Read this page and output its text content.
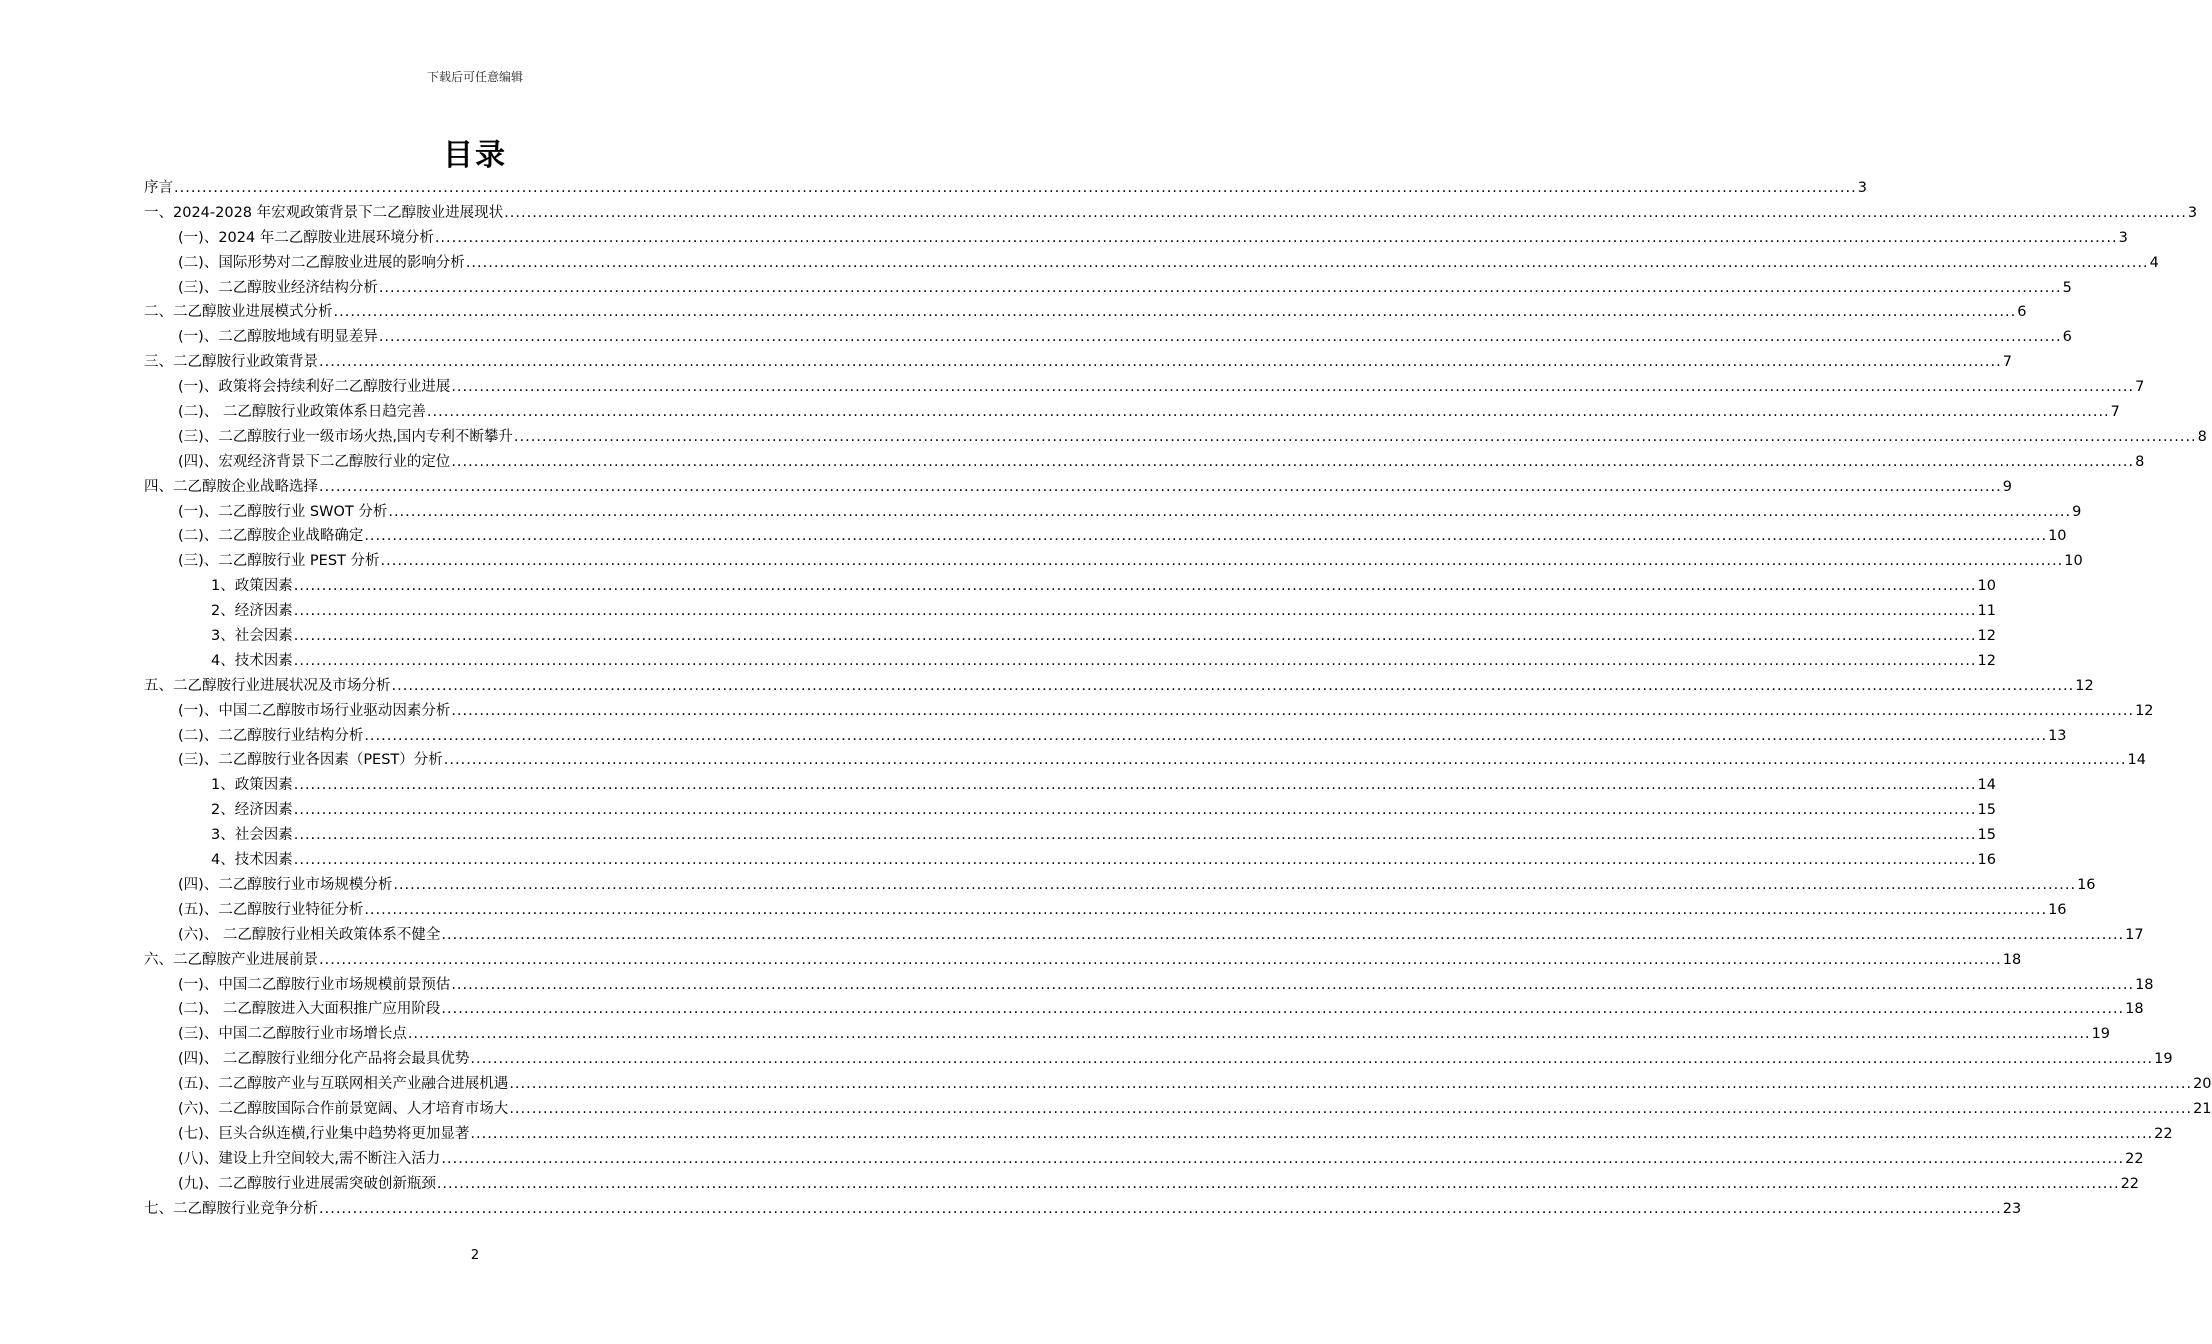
下载后可任意编辑
目录
序言 ............................................................................................................................................................................................................................................................................................................ 3
一、2024-2028 年宏观政策背景下二乙醇胺业进展现状 ............................................................................................................................................................................................................................................................................................................ 3
(一)、2024 年二乙醇胺业进展环境分析 ............................................................................................................................................................................................................................................................................................................ 3
(二)、国际形势对二乙醇胺业进展的影响分析 ............................................................................................................................................................................................................................................................................................................ 4
(三)、二乙醇胺业经济结构分析 ............................................................................................................................................................................................................................................................................................................ 5
二、二乙醇胺业进展模式分析 ............................................................................................................................................................................................................................................................................................................ 6
(一)、二乙醇胺地域有明显差异 ............................................................................................................................................................................................................................................................................................................ 6
三、二乙醇胺行业政策背景 ............................................................................................................................................................................................................................................................................................................ 7
(一)、政策将会持续利好二乙醇胺行业进展 ............................................................................................................................................................................................................................................................................................................ 7
(二)、 二乙醇胺行业政策体系日趋完善 ............................................................................................................................................................................................................................................................................................................ 7
(三)、二乙醇胺行业一级市场火热,国内专利不断攀升 ............................................................................................................................................................................................................................................................................................................ 8
(四)、宏观经济背景下二乙醇胺行业的定位 ............................................................................................................................................................................................................................................................................................................ 8
四、二乙醇胺企业战略选择 ............................................................................................................................................................................................................................................................................................................ 9
(一)、二乙醇胺行业 SWOT 分析 ............................................................................................................................................................................................................................................................................................................ 9
(二)、二乙醇胺企业战略确定 ............................................................................................................................................................................................................................................................................................................ 10
(三)、二乙醇胺行业 PEST 分析 ............................................................................................................................................................................................................................................................................................................ 10
1、政策因素 ............................................................................................................................................................................................................................................................................................................ 10
2、经济因素 ............................................................................................................................................................................................................................................................................................................ 11
3、社会因素 ............................................................................................................................................................................................................................................................................................................ 12
4、技术因素 ............................................................................................................................................................................................................................................................................................................ 12
五、二乙醇胺行业进展状况及市场分析 ............................................................................................................................................................................................................................................................................................................ 12
(一)、中国二乙醇胺市场行业驱动因素分析 ............................................................................................................................................................................................................................................................................................................ 12
(二)、二乙醇胺行业结构分析 ............................................................................................................................................................................................................................................................................................................ 13
(三)、二乙醇胺行业各因素（PEST）分析 ............................................................................................................................................................................................................................................................................................................ 14
1、政策因素 ............................................................................................................................................................................................................................................................................................................ 14
2、经济因素 ............................................................................................................................................................................................................................................................................................................ 15
3、社会因素 ............................................................................................................................................................................................................................................................................................................ 15
4、技术因素 ............................................................................................................................................................................................................................................................................................................ 16
(四)、二乙醇胺行业市场规模分析 ............................................................................................................................................................................................................................................................................................................ 16
(五)、二乙醇胺行业特征分析 ............................................................................................................................................................................................................................................................................................................ 16
(六)、 二乙醇胺行业相关政策体系不健全 ............................................................................................................................................................................................................................................................................................................ 17
六、二乙醇胺产业进展前景 ............................................................................................................................................................................................................................................................................................................ 18
(一)、中国二乙醇胺行业市场规模前景预估 ............................................................................................................................................................................................................................................................................................................ 18
(二)、 二乙醇胺进入大面积推广应用阶段 ............................................................................................................................................................................................................................................................................................................ 18
(三)、中国二乙醇胺行业市场增长点 ............................................................................................................................................................................................................................................................................................................ 19
(四)、 二乙醇胺行业细分化产品将会最具优势 ............................................................................................................................................................................................................................................................................................................ 19
(五)、二乙醇胺产业与互联网相关产业融合进展机遇 ............................................................................................................................................................................................................................................................................................................ 20
(六)、二乙醇胺国际合作前景宽阔、人才培育市场大 ............................................................................................................................................................................................................................................................................................................ 21
(七)、巨头合纵连横,行业集中趋势将更加显著 ............................................................................................................................................................................................................................................................................................................ 22
(八)、建设上升空间较大,需不断注入活力 ............................................................................................................................................................................................................................................................................................................ 22
(九)、二乙醇胺行业进展需突破创新瓶颈 ............................................................................................................................................................................................................................................................................................................ 22
七、二乙醇胺行业竞争分析 ............................................................................................................................................................................................................................................................................................................ 23
2
